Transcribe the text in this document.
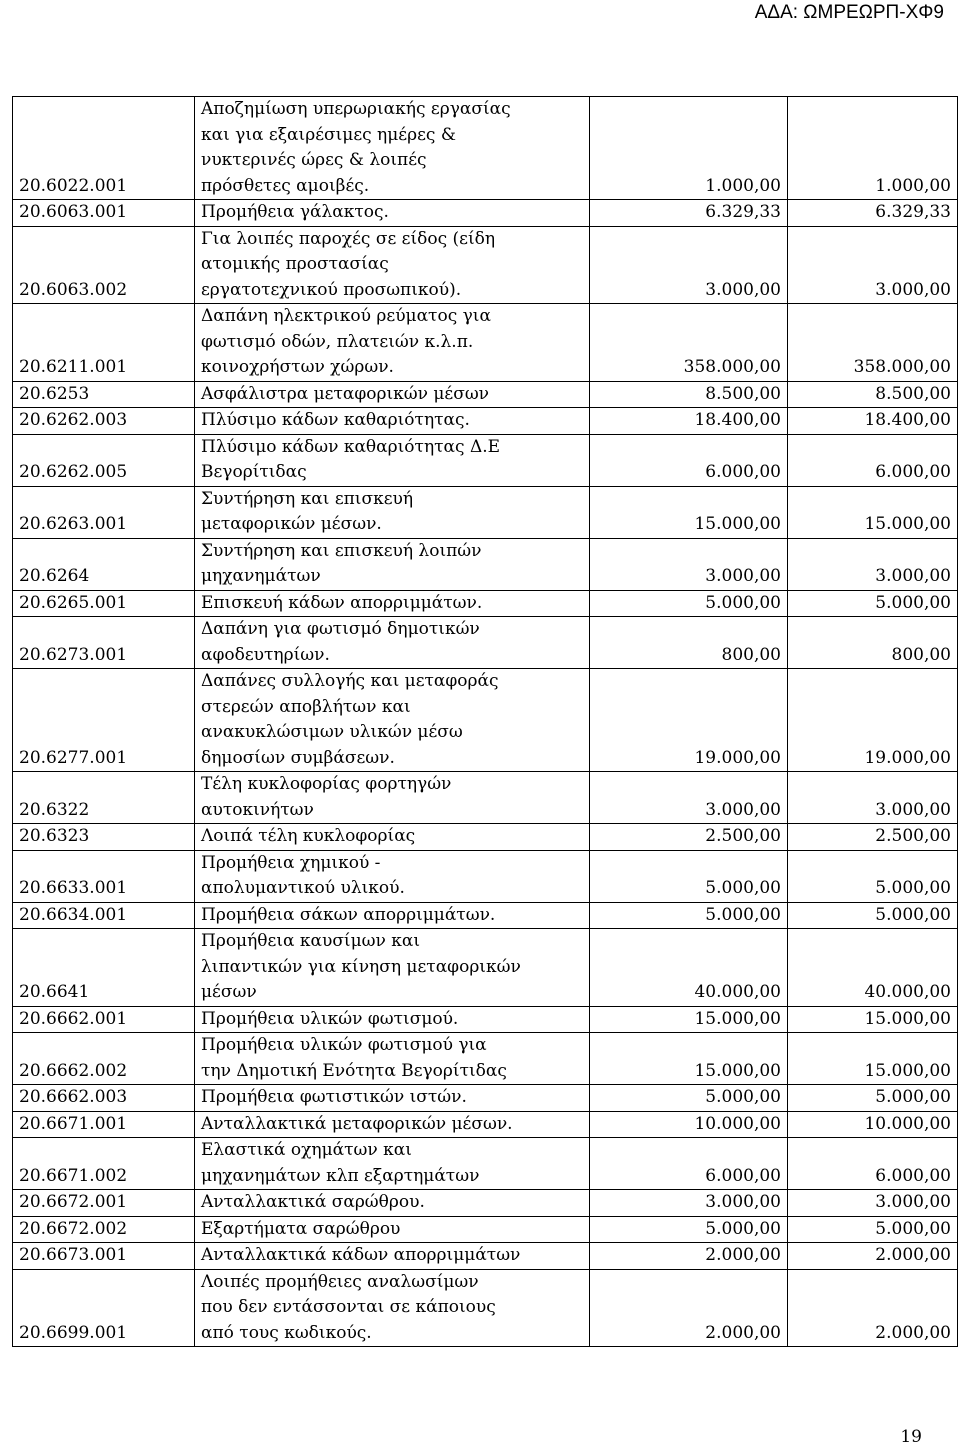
ΑΔΑ: ΩΜΡΕΩΡΠ-ΧΦ9
20.6022.001	Αποζημίωση υπερωριακής εργασίας
και για εξαιρέσιμες ημέρες &
νυκτερινές ώρες & λοιπές
πρόσθετες αμοιβές.	1.000,00	1.000,00
20.6063.001	Προμήθεια γάλακτος.	6.329,33	6.329,33
20.6063.002	Για λοιπές παροχές σε είδος (είδη
ατομικής προστασίας
εργατοτεχνικού προσωπικού).	3.000,00	3.000,00
20.6211.001	Δαπάνη ηλεκτρικού ρεύματος για
φωτισμό οδών, πλατειών κ.λ.π.
κοινοχρήστων χώρων.	358.000,00	358.000,00
20.6253	Ασφάλιστρα μεταφορικών μέσων	8.500,00	8.500,00
20.6262.003	Πλύσιμο κάδων καθαριότητας.	18.400,00	18.400,00
20.6262.005	Πλύσιμο κάδων καθαριότητας Δ.Ε
Βεγορίτιδας	6.000,00	6.000,00
20.6263.001	Συντήρηση και επισκευή
μεταφορικών μέσων.	15.000,00	15.000,00
20.6264	Συντήρηση και επισκευή λοιπών
μηχανημάτων	3.000,00	3.000,00
20.6265.001	Επισκευή κάδων απορριμμάτων.	5.000,00	5.000,00
20.6273.001	Δαπάνη για φωτισμό δημοτικών
αφοδευτηρίων.	800,00	800,00
20.6277.001	Δαπάνες συλλογής και μεταφοράς
στερεών αποβλήτων και
ανακυκλώσιμων υλικών μέσω
δημοσίων συμβάσεων.	19.000,00	19.000,00
20.6322	Τέλη κυκλοφορίας φορτηγών
αυτοκινήτων	3.000,00	3.000,00
20.6323	Λοιπά τέλη κυκλοφορίας	2.500,00	2.500,00
20.6633.001	Προμήθεια χημικού -
απολυμαντικού υλικού.	5.000,00	5.000,00
20.6634.001	Προμήθεια σάκων απορριμμάτων.	5.000,00	5.000,00
20.6641	Προμήθεια καυσίμων και
λιπαντικών για κίνηση μεταφορικών
μέσων	40.000,00	40.000,00
20.6662.001	Προμήθεια υλικών φωτισμού.	15.000,00	15.000,00
20.6662.002	Προμήθεια υλικών φωτισμού για
την Δημοτική Ενότητα Βεγορίτιδας	15.000,00	15.000,00
20.6662.003	Προμήθεια φωτιστικών ιστών.	5.000,00	5.000,00
20.6671.001	Ανταλλακτικά μεταφορικών μέσων.	10.000,00	10.000,00
20.6671.002	Ελαστικά οχημάτων και
μηχανημάτων κλπ εξαρτημάτων	6.000,00	6.000,00
20.6672.001	Ανταλλακτικά σαρώθρου.	3.000,00	3.000,00
20.6672.002	Εξαρτήματα σαρώθρου	5.000,00	5.000,00
20.6673.001	Ανταλλακτικά κάδων απορριμμάτων	2.000,00	2.000,00
20.6699.001	Λοιπές προμήθειες αναλωσίμων
που δεν εντάσσονται σε κάποιους
από τους κωδικούς.	2.000,00	2.000,00
19
